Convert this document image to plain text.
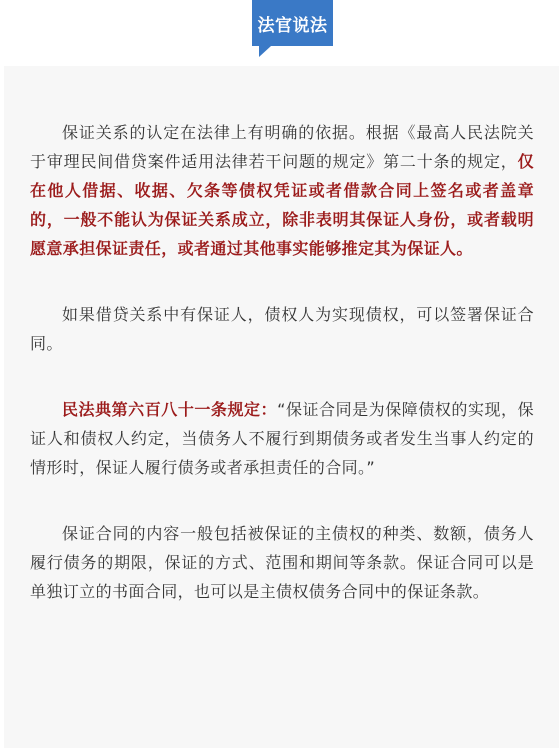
法官说法

保证关系的认定在法律上有明确的依据。根据《最高人民法院关于审理民间借贷案件适用法律若干问题的规定》第二十条的规定，仅在他人借据、收据、欠条等债权凭证或者借款合同上签名或者盖章的，一般不能认为保证关系成立，除非表明其保证人身份，或者载明愿意承担保证责任，或者通过其他事实能够推定其为保证人。

如果借贷关系中有保证人，债权人为实现债权，可以签署保证合同。

民法典第六百八十一条规定：“保证合同是为保障债权的实现，保证人和债权人约定，当债务人不履行到期债务或者发生当事人约定的情形时，保证人履行债务或者承担责任的合同。”

保证合同的内容一般包括被保证的主债权的种类、数额，债务人履行债务的期限，保证的方式、范围和期间等条款。保证合同可以是单独订立的书面合同，也可以是主债权债务合同中的保证条款。
